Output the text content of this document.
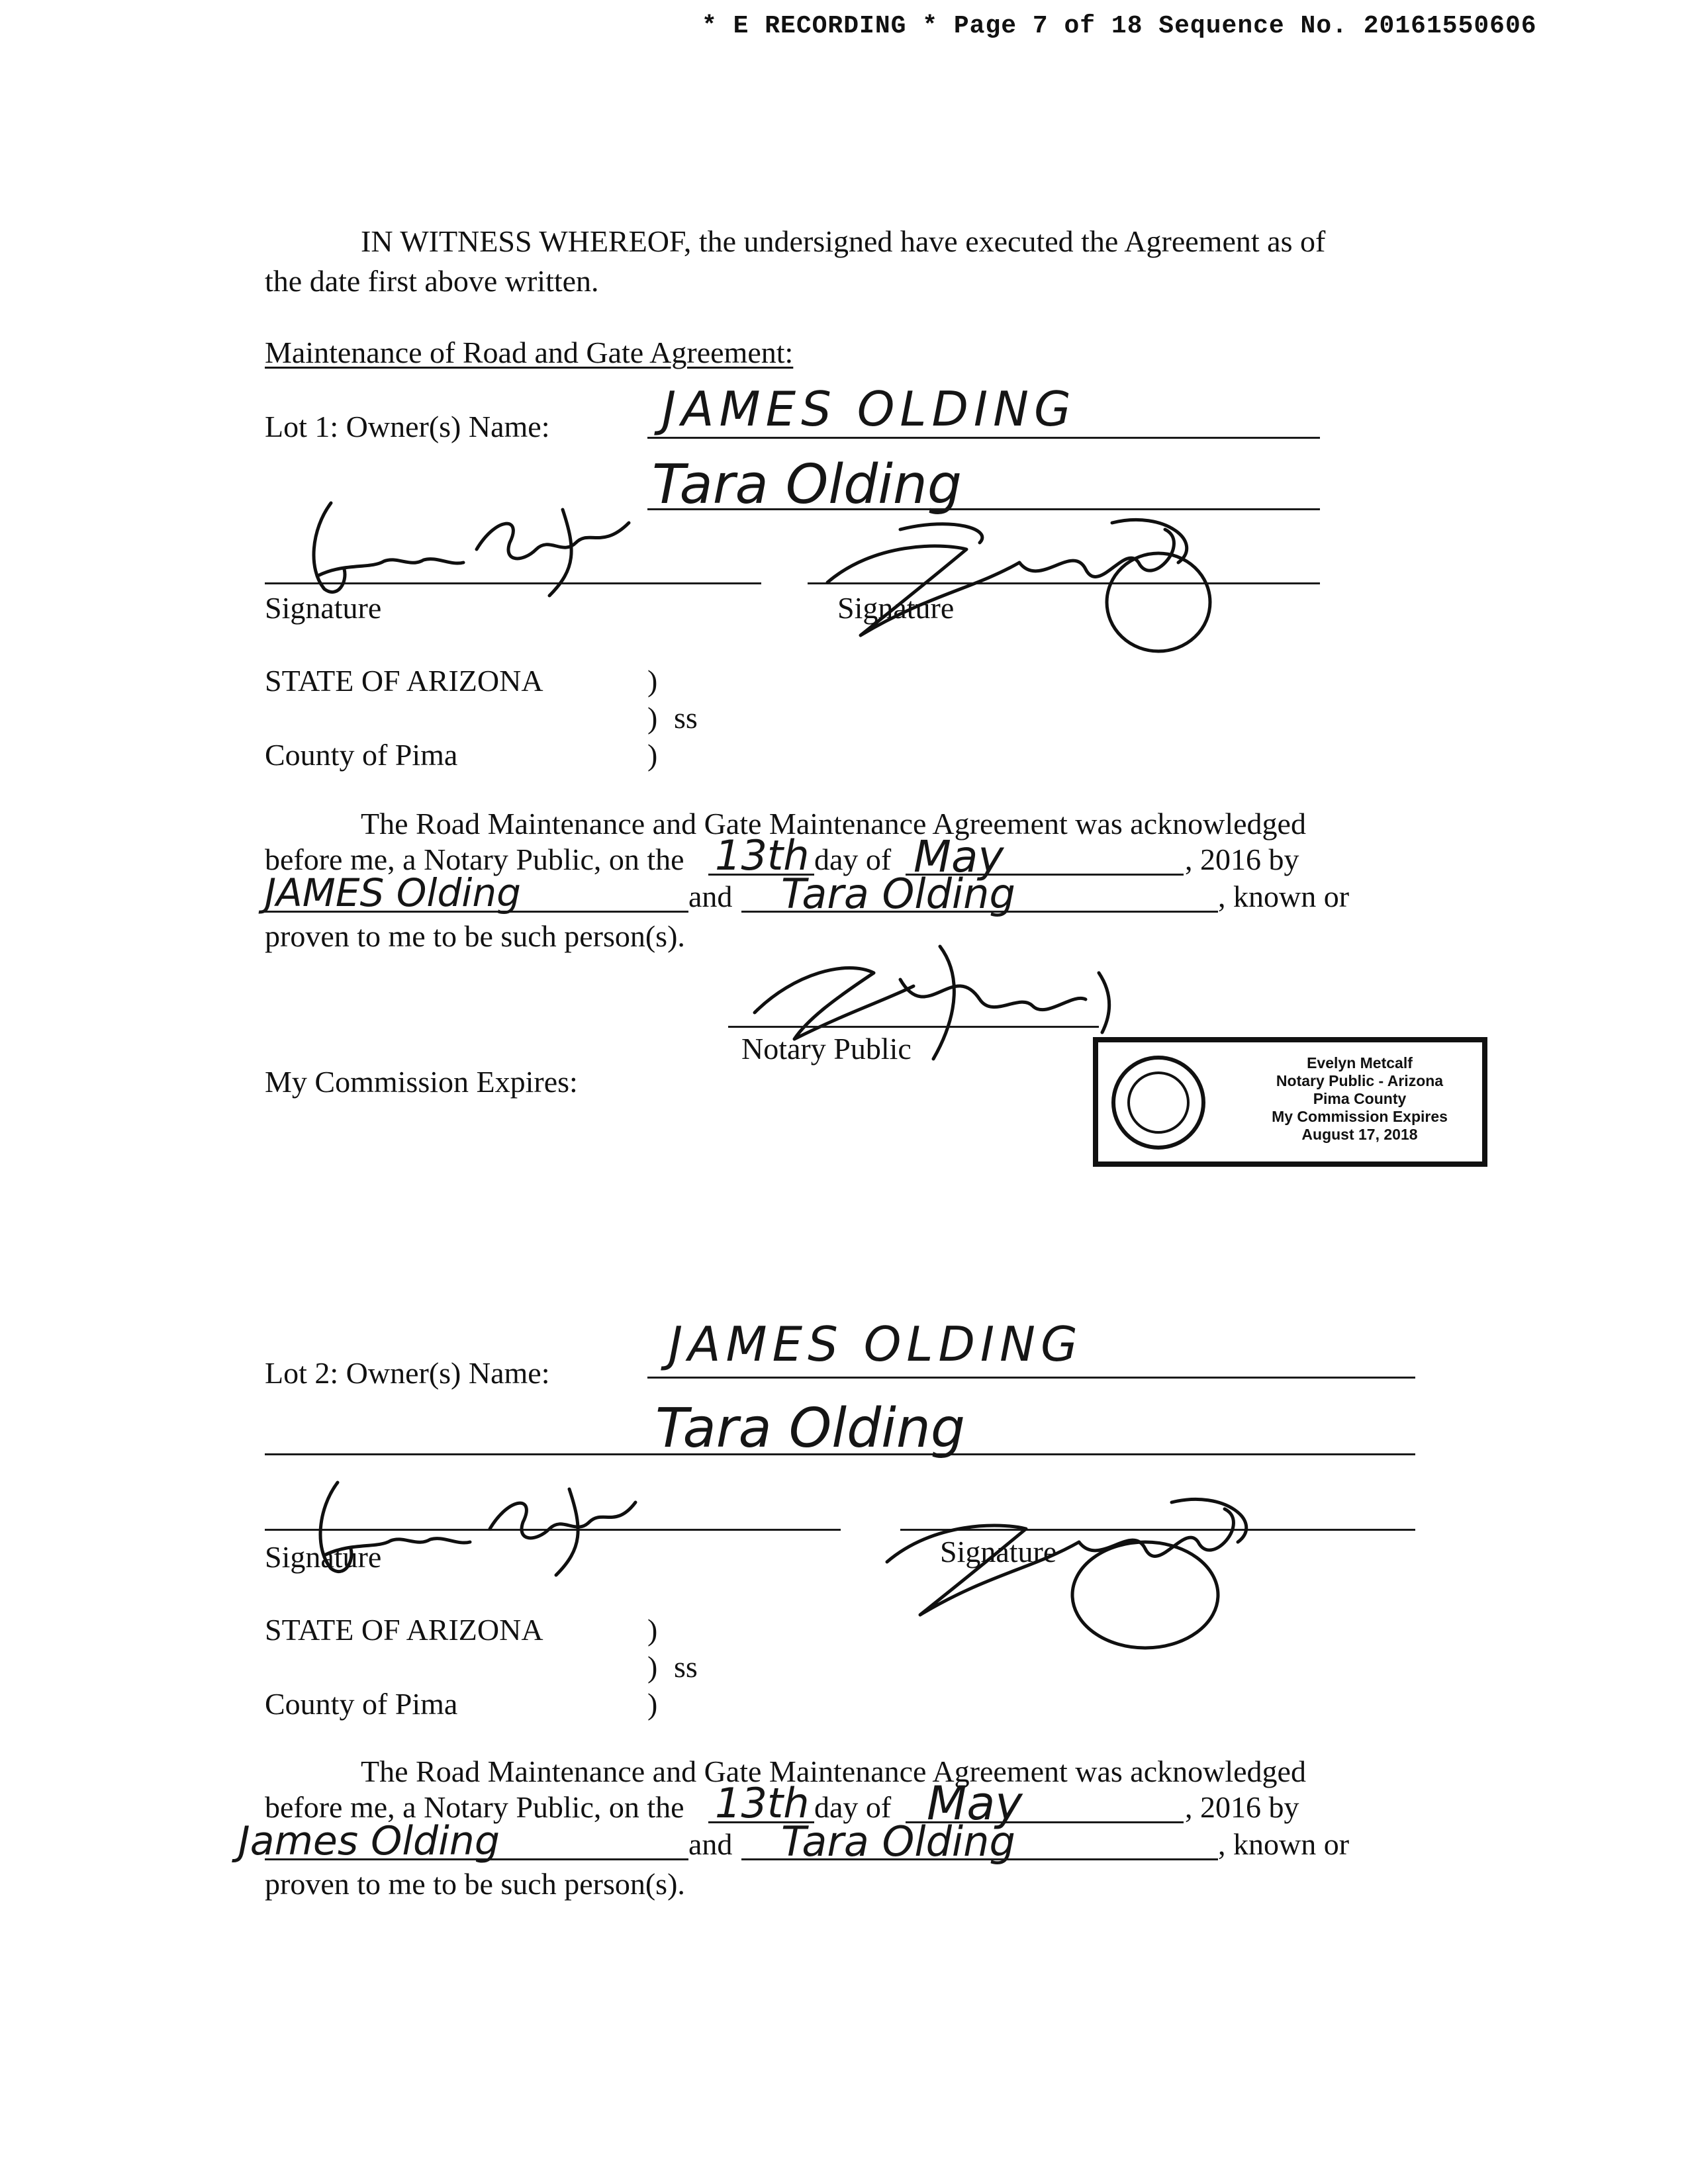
* E RECORDING * Page 7 of 18 Sequence No. 20161550606
IN WITNESS WHEREOF, the undersigned have executed the Agreement as of
the date first above written.
Maintenance of Road and Gate Agreement:
Lot 1: Owner(s) Name: JAMES OLDING
Tara Olding
Signature	Signature
STATE OF ARIZONA	)
) ss
County of Pima	)
The Road Maintenance and Gate Maintenance Agreement was acknowledged
before me, a Notary Public, on the 13th day of May	, 2016 by
JAMES Olding	and Tara Olding	, known or
proven to me to be such person(s).
Notary Public
My Commission Expires:
Evelyn Metcalf
Notary Public - Arizona
Pima County
My Commission Expires
August 17, 2018
Lot 2: Owner(s) Name:
JAMES OLDING
Tara Olding
Signature	Signature
STATE OF ARIZONA	)
) ss
County of Pima	)
The Road Maintenance and Gate Maintenance Agreement was acknowledged
before me, a Notary Public, on the 13th day of May	, 2016 by
James Olding	and Tara Olding	, known or
proven to me to be such person(s).
